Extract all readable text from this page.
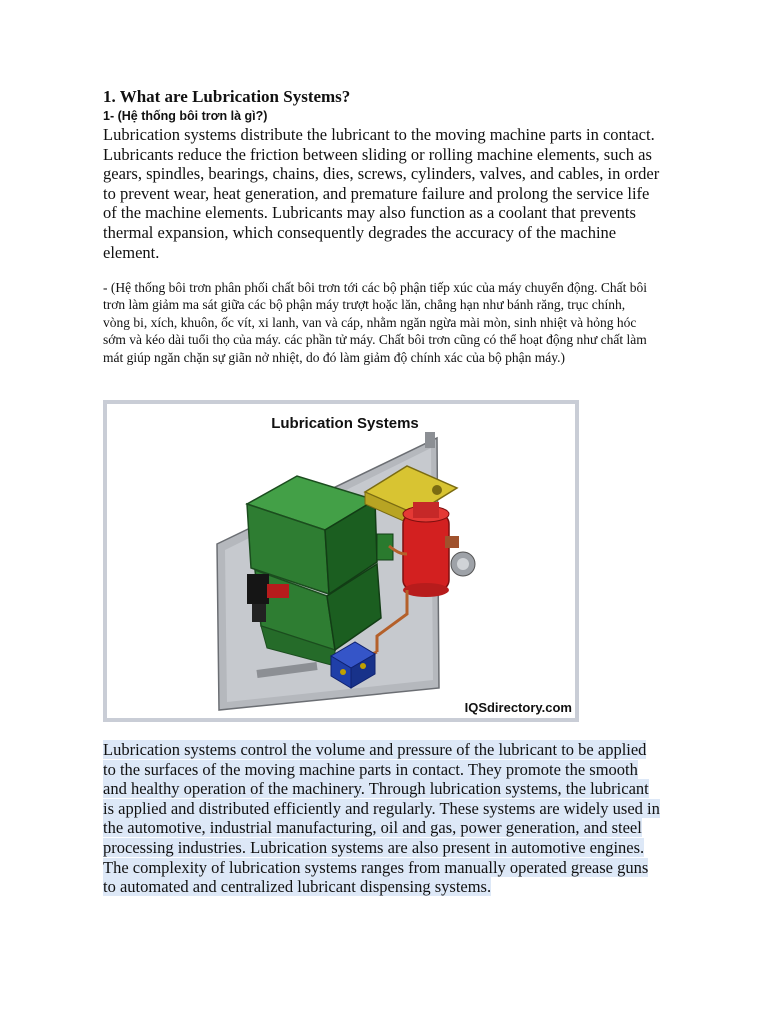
1. What are Lubrication Systems?
1- (Hệ thống bôi trơn là gì?)

Lubrication systems distribute the lubricant to the moving machine parts in contact. Lubricants reduce the friction between sliding or rolling machine elements, such as gears, spindles, bearings, chains, dies, screws, cylinders, valves, and cables, in order to prevent wear, heat generation, and premature failure and prolong the service life of the machine elements. Lubricants may also function as a coolant that prevents thermal expansion, which consequently degrades the accuracy of the machine element.

- (Hệ thống bôi trơn phân phối chất bôi trơn tới các bộ phận tiếp xúc của máy chuyển động. Chất bôi trơn làm giảm ma sát giữa các bộ phận máy trượt hoặc lăn, chẳng hạn như bánh răng, trục chính, vòng bi, xích, khuôn, ốc vít, xi lanh, van và cáp, nhằm ngăn ngừa mài mòn, sinh nhiệt và hỏng hóc sớm và kéo dài tuổi thọ của máy. các phần tử máy. Chất bôi trơn cũng có thể hoạt động như chất làm mát giúp ngăn chặn sự giãn nở nhiệt, do đó làm giảm độ chính xác của bộ phận máy.)

Lubrication Systems
IQSdirectory.com

Lubrication systems control the volume and pressure of the lubricant to be applied to the surfaces of the moving machine parts in contact. They promote the smooth and healthy operation of the machinery. Through lubrication systems, the lubricant is applied and distributed efficiently and regularly. These systems are widely used in the automotive, industrial manufacturing, oil and gas, power generation, and steel processing industries. Lubrication systems are also present in automotive engines. The complexity of lubrication systems ranges from manually operated grease guns to automated and centralized lubricant dispensing systems.
